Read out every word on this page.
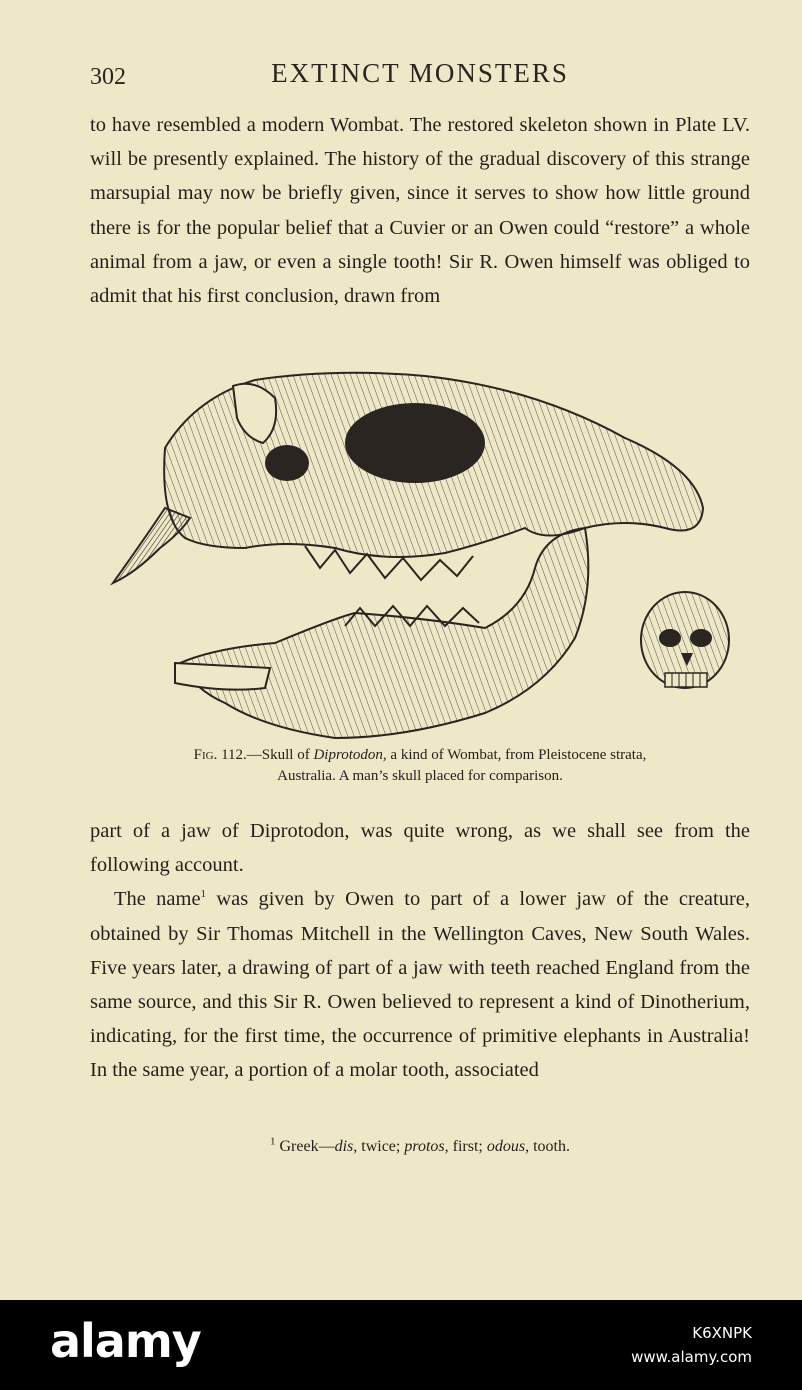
302	EXTINCT MONSTERS

to have resembled a modern Wombat. The restored skeleton shown in Plate LV. will be presently explained. The history of the gradual discovery of this strange marsupial may now be briefly given, since it serves to show how little ground there is for the popular belief that a Cuvier or an Owen could “restore” a whole animal from a jaw, or even a single tooth! Sir R. Owen himself was obliged to admit that his first conclusion, drawn from

Fig. 112.—Skull of Diprotodon, a kind of Wombat, from Pleistocene strata,
Australia. A man’s skull placed for comparison.

part of a jaw of Diprotodon, was quite wrong, as we shall see from the following account.

The name$^1$ was given by Owen to part of a lower jaw of the creature, obtained by Sir Thomas Mitchell in the Wellington Caves, New South Wales. Five years later, a drawing of part of a jaw with teeth reached England from the same source, and this Sir R. Owen believed to represent a kind of Dinotherium, indicating, for the first time, the occurrence of primitive elephants in Australia! In the same year, a portion of a molar tooth, associated

$^1$ Greek—dis, twice; protos, first; odous, tooth.
alamy	K6XNPK
www.alamy.com
